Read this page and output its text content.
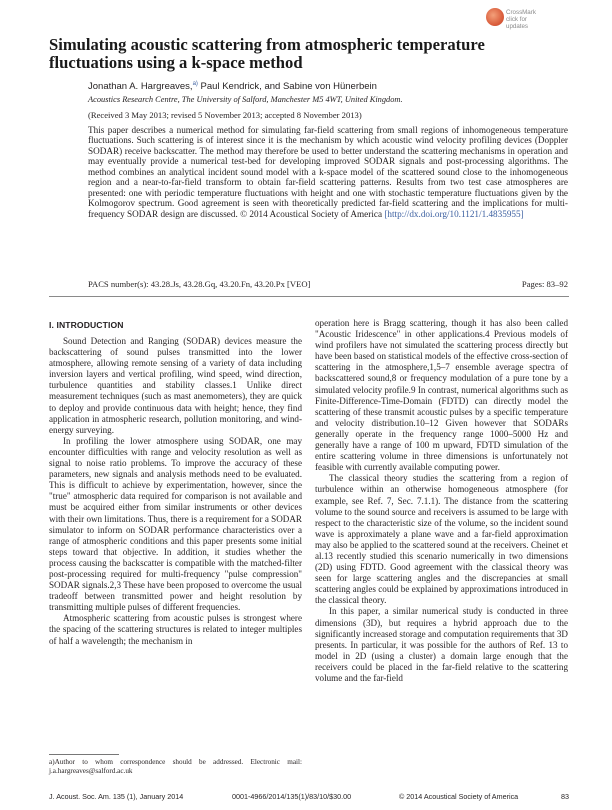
CrossMark
click for updates
Simulating acoustic scattering from atmospheric temperature fluctuations using a k-space method
Jonathan A. Hargreaves,$^{a)}$ Paul Kendrick, and Sabine von Hünerbein
Acoustics Research Centre, The University of Salford, Manchester M5 4WT, United Kingdom.
(Received 3 May 2013; revised 5 November 2013; accepted 8 November 2013)
This paper describes a numerical method for simulating far-field scattering from small regions of inhomogeneous temperature fluctuations. Such scattering is of interest since it is the mechanism by which acoustic wind velocity profiling devices (Doppler SODAR) receive backscatter. The method may therefore be used to better understand the scattering mechanisms in operation and may eventually provide a numerical test-bed for developing improved SODAR signals and post-processing algorithms. The method combines an analytical incident sound model with a k-space model of the scattered sound close to the inhomogeneous region and a near-to-far-field transform to obtain far-field scattering patterns. Results from two test case atmospheres are presented: one with periodic temperature fluctuations with height and one with stochastic temperature fluctuations given by the Kolmogorov spectrum. Good agreement is seen with theoretically predicted far-field scattering and the implications for multi-frequency SODAR design are discussed. © 2014 Acoustical Society of America [http://dx.doi.org/10.1121/1.4835955]
PACS number(s): 43.28.Js, 43.28.Gq, 43.20.Fn, 43.20.Px [VEO]	Pages: 83–92
I. INTRODUCTION

Sound Detection and Ranging (SODAR) devices measure the backscattering of sound pulses transmitted into the lower atmosphere, allowing remote sensing of a variety of data including inversion layers and vertical profiling, wind speed, wind direction, turbulence quantities and stability classes.1 Unlike direct measurement techniques (such as mast anemometers), they are quick to deploy and provide continuous data with height; hence, they find application in atmospheric research, pollution monitoring, and wind-energy surveying.

In profiling the lower atmosphere using SODAR, one may encounter difficulties with range and velocity resolution as well as signal to noise ratio problems. To improve the accuracy of these parameters, new signals and analysis methods need to be evaluated. This is difficult to achieve by experimentation, however, since the "true" atmospheric data required for comparison is not available and must be acquired either from similar instruments or other devices with their own limitations. Thus, there is a requirement for a SODAR simulator to inform on SODAR performance characteristics over a range of atmospheric conditions and this paper presents some initial steps toward that objective. In addition, it studies whether the process causing the backscatter is compatible with the matched-filter post-processing required for multi-frequency "pulse compression" SODAR signals.2,3 These have been proposed to overcome the usual tradeoff between transmitted power and height resolution by transmitting multiple pulses of different frequencies.

Atmospheric scattering from acoustic pulses is strongest where the spacing of the scattering structures is related to integer multiples of half a wavelength; the mechanism in

operation here is Bragg scattering, though it has also been called "Acoustic Iridescence" in other applications.4 Previous models of wind profilers have not simulated the scattering process directly but have been based on statistical models of the effective cross-section of scattering in the atmosphere,1,5–7 ensemble average spectra of backscattered sound,8 or frequency modulation of a pure tone by a simulated velocity profile.9 In contrast, numerical algorithms such as Finite-Difference-Time-Domain (FDTD) can directly model the scattering of these transmit acoustic pulses by a specific temperature and velocity distribution.10–12 Given however that SODARs generally operate in the frequency range 1000–5000 Hz and generally have a range of 100 m upward, FDTD simulation of the entire scattering volume in three dimensions is unfortunately not feasible with currently available computing power.

The classical theory studies the scattering from a region of turbulence within an otherwise homogeneous atmosphere (for example, see Ref. 7, Sec. 7.1.1). The distance from the scattering volume to the sound source and receivers is assumed to be large with respect to the characteristic size of the volume, so the incident sound wave is approximately a plane wave and a far-field approximation may also be applied to the scattered sound at the receivers. Cheinet et al.13 recently studied this scenario numerically in two dimensions (2D) using FDTD. Good agreement with the classical theory was seen for large scattering angles and the discrepancies at small scattering angles could be explained by approximations introduced in the classical theory.

In this paper, a similar numerical study is conducted in three dimensions (3D), but requires a hybrid approach due to the significantly increased storage and computation requirements that 3D presents. In particular, it was possible for the authors of Ref. 13 to model in 2D (using a cluster) a domain large enough that the receivers could be placed in the far-field relative to the scattering volume and the far-field

a)Author to whom correspondence should be addressed. Electronic mail: j.a.hargreaves@salford.ac.uk
J. Acoust. Soc. Am. 135 (1), January 2014	0001-4966/2014/135(1)/83/10/$30.00	© 2014 Acoustical Society of America	83
